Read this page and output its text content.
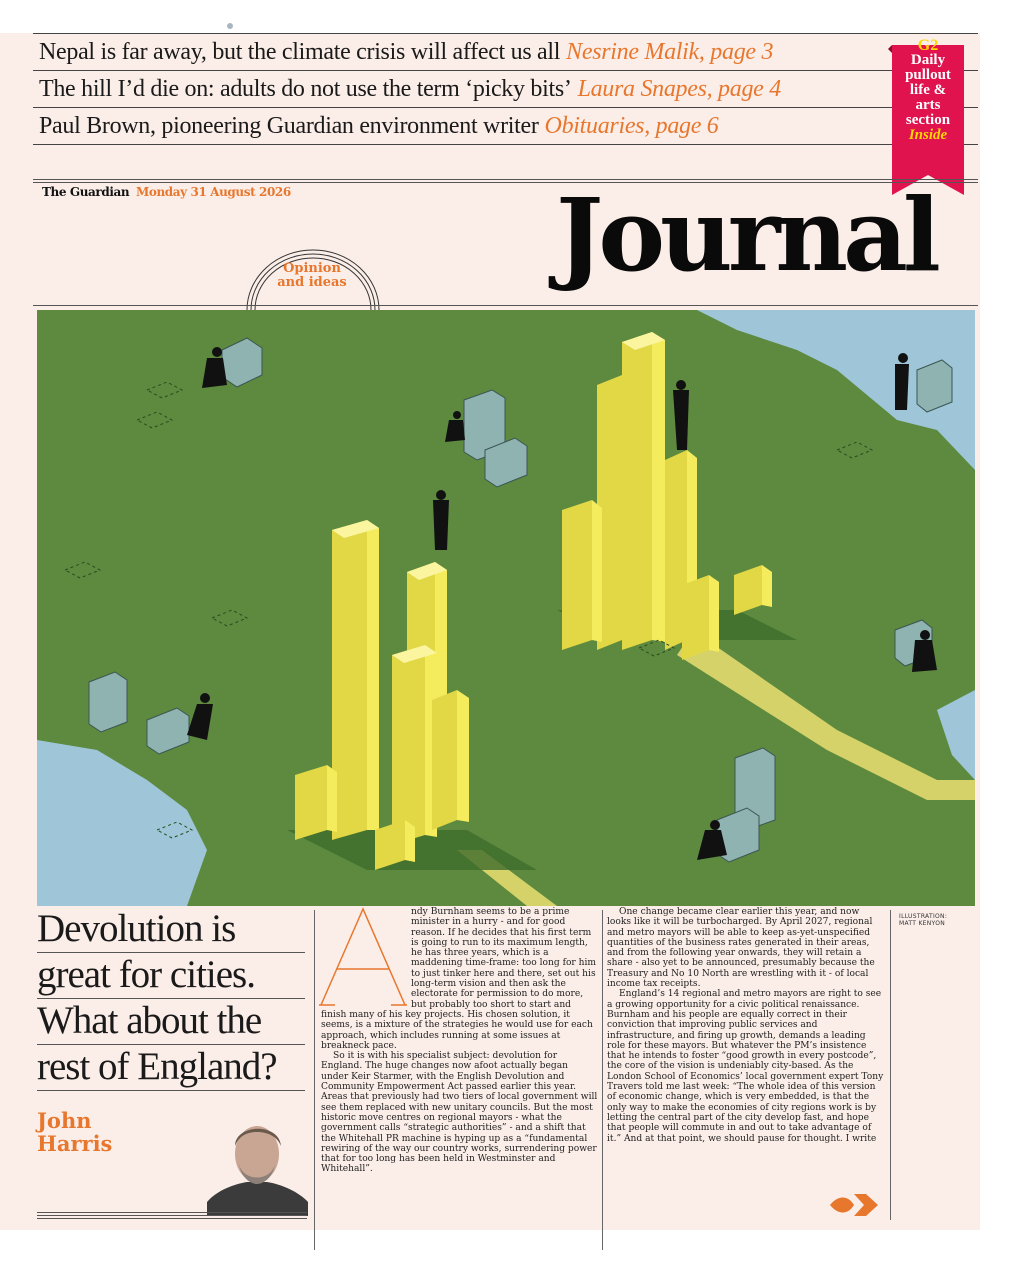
Nepal is far away, but the climate crisis will affect us all Nesrine Malik, page 3
The hill I’d die on: adults do not use the term ‘picky bits’ Laura Snapes, page 4
Paul Brown, pioneering Guardian environment writer Obituaries, page 6
G2
Daily
pullout
life &
arts
section
Inside
The Guardian Monday 31 August 2026	Journal
Opinion
and ideas
ILLUSTRATION:
MATT KENYON
Devolution is
great for cities.
What about the
rest of England?
John
Harris

ndy Burnham seems to be a prime minister in a hurry - and for good reason. If he decides that his first term is going to run to its maximum length, he has three years, which is a maddening time-frame: too long for him to just tinker here and there, set out his long-term vision and then ask the electorate for permission to do more, but probably too short to start and finish many of his key projects. His chosen solution, it seems, is a mixture of the strategies he would use for each approach, which includes running at some issues at breakneck pace.

So it is with his specialist subject: devolution for England. The huge changes now afoot actually began under Keir Starmer, with the English Devolution and Community Empowerment Act passed earlier this year. Areas that previously had two tiers of local government will see them replaced with new unitary councils. But the most historic move centres on regional mayors - what the government calls “strategic authorities” - and a shift that the Whitehall PR machine is hyping up as a “fundamental rewiring of the way our country works, surrendering power that for too long has been held in Westminster and Whitehall”.

One change became clear earlier this year, and now looks like it will be turbocharged. By April 2027, regional and metro mayors will be able to keep as-yet-unspecified quantities of the business rates generated in their areas, and from the following year onwards, they will retain a share - also yet to be announced, presumably because the Treasury and No 10 North are wrestling with it - of local income tax receipts.

England’s 14 regional and metro mayors are right to see a growing opportunity for a civic political renaissance. Burnham and his people are equally correct in their conviction that improving public services and infrastructure, and firing up growth, demands a leading role for these mayors. But whatever the PM’s insistence that he intends to foster “good growth in every postcode”, the core of the vision is undeniably city-based. As the London School of Economics’ local government expert Tony Travers told me last week: “The whole idea of this version of economic change, which is very embedded, is that the only way to make the economies of city regions work is by letting the central part of the city develop fast, and hope that people will commute in and out to take advantage of it.” And at that point, we should pause for thought. I write
